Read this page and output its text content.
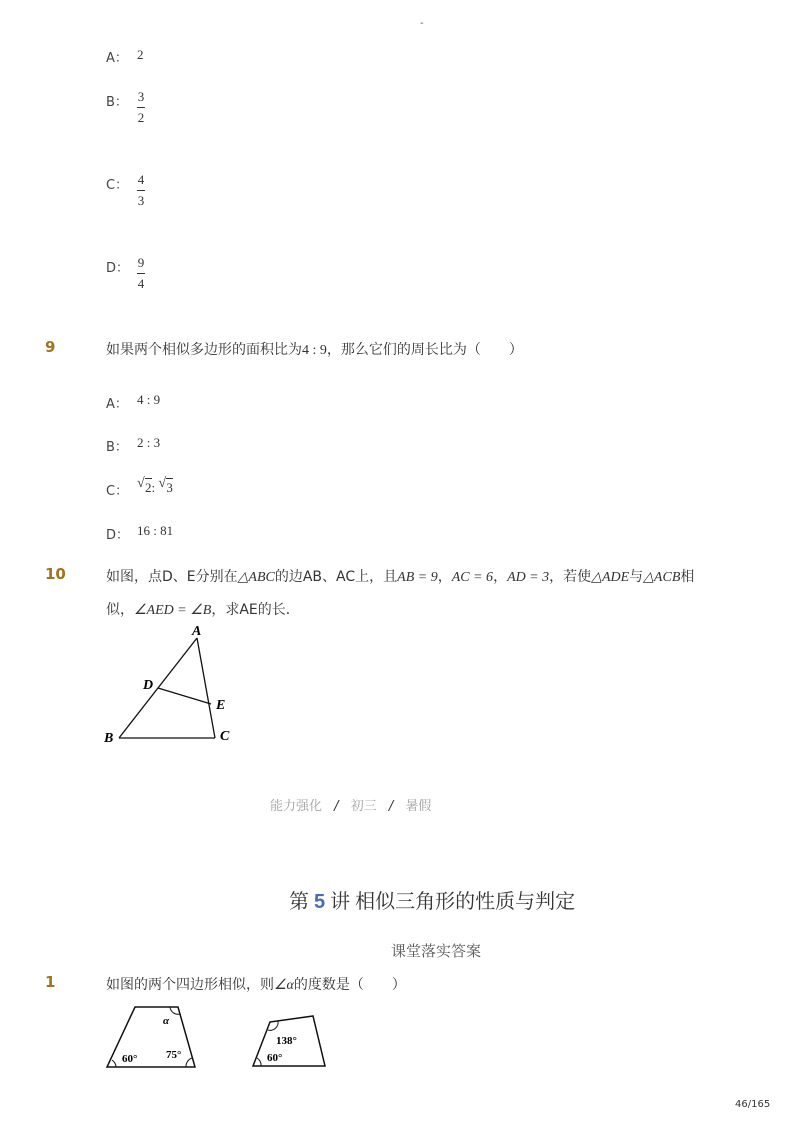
-
A： 2
B： 3
2
C： 4
3
D： 9
4
9	如果两个相似多边形的面积比为4 : 9，那么它们的周长比为（　　）
A： 4 : 9
B： 2 : 3
C：
√ 2: √ 3
D： 16 : 81
10	如图，点D、E分别在△ABC的边AB、AC上，且AB = 9，AC = 6，AD = 3，若使△ADE与△ACB相
似，∠AED = ∠B，求AE的长．
A
B	C
D
E
能力强化 / 初三 / 暑假
第 5 讲 相似三角形的性质与判定
课堂落实答案
1	如图的两个四边形相似，则∠α的度数是（　　）
α
60°	75°
138°
60°
46/165
